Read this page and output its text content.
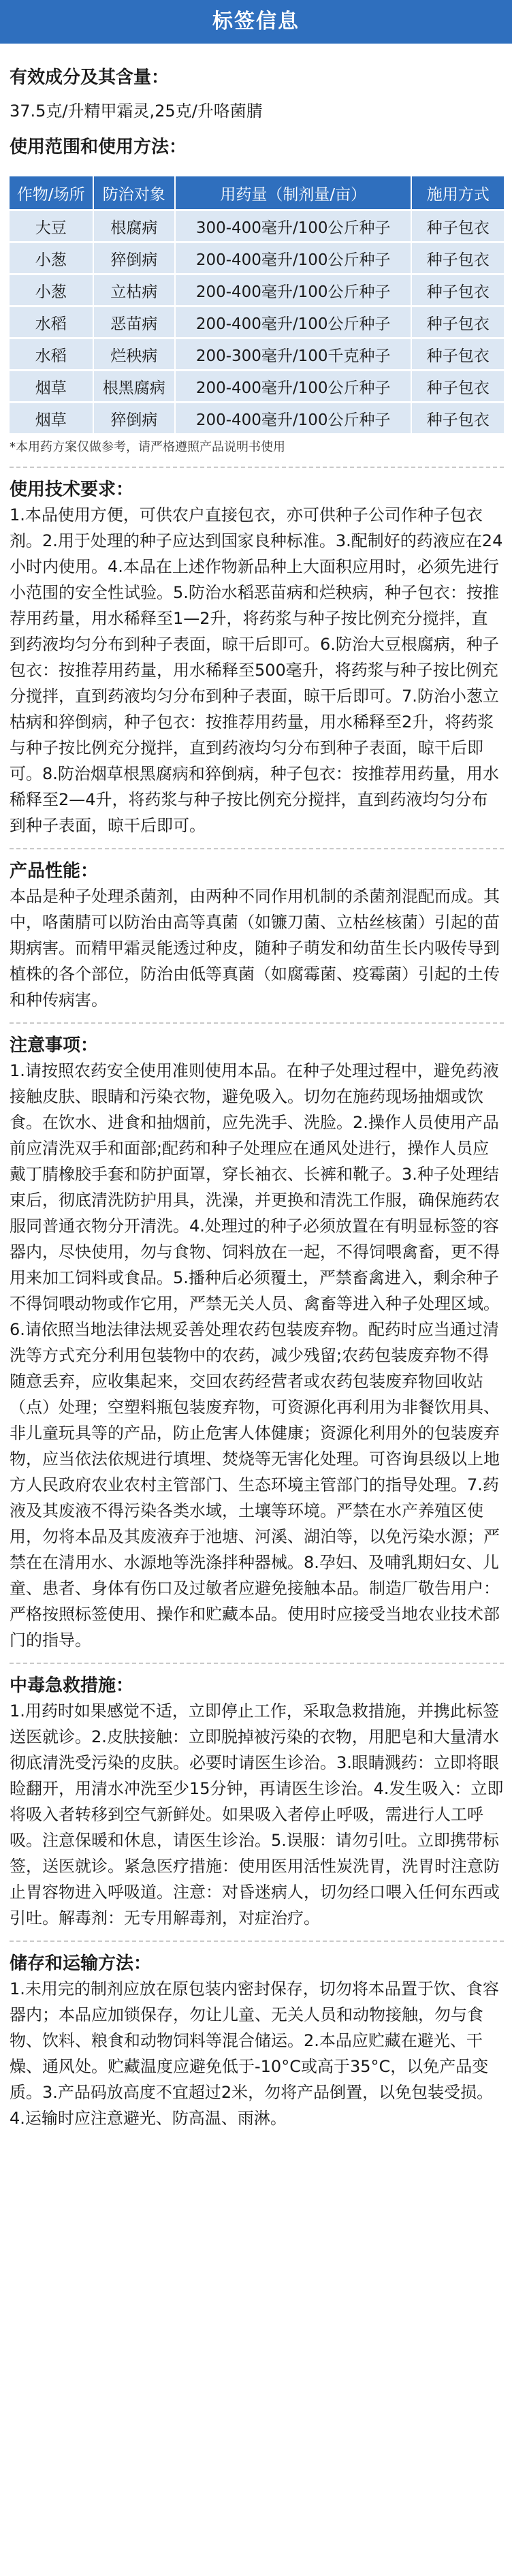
标签信息
有效成分及其含量：

37.5克/升精甲霜灵,25克/升咯菌腈

使用范围和使用方法：
作物/场所	防治对象	用药量（制剂量/亩）	施用方式
大豆	根腐病	300-400毫升/100公斤种子	种子包衣
小葱	猝倒病	200-400毫升/100公斤种子	种子包衣
小葱	立枯病	200-400毫升/100公斤种子	种子包衣
水稻	恶苗病	200-400毫升/100公斤种子	种子包衣
水稻	烂秧病	200-300毫升/100千克种子	种子包衣
烟草	根黑腐病	200-400毫升/100公斤种子	种子包衣
烟草	猝倒病	200-400毫升/100公斤种子	种子包衣
*本用药方案仅做参考，请严格遵照产品说明书使用
使用技术要求：

1.本品使用方便，可供农户直接包衣，亦可供种子公司作种子包衣剂。2.用于处理的种子应达到国家良种标准。3.配制好的药液应在24小时内使用。4.本品在上述作物新品种上大面积应用时，必须先进行小范围的安全性试验。5.防治水稻恶苗病和烂秧病，种子包衣：按推荐用药量，用水稀释至1—2升，将药浆与种子按比例充分搅拌，直到药液均匀分布到种子表面，晾干后即可。6.防治大豆根腐病，种子包衣：按推荐用药量，用水稀释至500毫升，将药浆与种子按比例充分搅拌，直到药液均匀分布到种子表面，晾干后即可。7.防治小葱立枯病和猝倒病，种子包衣：按推荐用药量，用水稀释至2升，将药浆与种子按比例充分搅拌，直到药液均匀分布到种子表面，晾干后即可。8.防治烟草根黑腐病和猝倒病，种子包衣：按推荐用药量，用水稀释至2—4升，将药浆与种子按比例充分搅拌，直到药液均匀分布到种子表面，晾干后即可。

产品性能：

本品是种子处理杀菌剂，由两种不同作用机制的杀菌剂混配而成。其中，咯菌腈可以防治由高等真菌（如镰刀菌、立枯丝核菌）引起的苗期病害。而精甲霜灵能透过种皮，随种子萌发和幼苗生长内吸传导到植株的各个部位，防治由低等真菌（如腐霉菌、疫霉菌）引起的土传和种传病害。

注意事项：

1.请按照农药安全使用准则使用本品。在种子处理过程中，避免药液接触皮肤、眼睛和污染衣物，避免吸入。切勿在施药现场抽烟或饮食。在饮水、进食和抽烟前，应先洗手、洗脸。2.操作人员使用产品前应清洗双手和面部;配药和种子处理应在通风处进行，操作人员应戴丁腈橡胶手套和防护面罩，穿长袖衣、长裤和靴子。3.种子处理结束后，彻底清洗防护用具，洗澡，并更换和清洗工作服，确保施药农服同普通衣物分开清洗。4.处理过的种子必须放置在有明显标签的容器内，尽快使用，勿与食物、饲料放在一起，不得饲喂禽畜，更不得用来加工饲料或食品。5.播种后必须覆土，严禁畜禽进入，剩余种子不得饲喂动物或作它用，严禁无关人员、禽畜等进入种子处理区域。6.请依照当地法律法规妥善处理农药包装废弃物。配药时应当通过清洗等方式充分利用包装物中的农药，减少残留;农药包装废弃物不得随意丢弃，应收集起来，交回农药经营者或农药包装废弃物回收站（点）处理；空塑料瓶包装废弃物，可资源化再利用为非餐饮用具、非儿童玩具等的产品，防止危害人体健康；资源化利用外的包装废弃物，应当依法依规进行填埋、焚烧等无害化处理。可咨询县级以上地方人民政府农业农村主管部门、生态环境主管部门的指导处理。7.药液及其废液不得污染各类水域，土壤等环境。严禁在水产养殖区使用，勿将本品及其废液弃于池塘、河溪、湖泊等，以免污染水源；严禁在在清用水、水源地等洗涤拌种器械。8.孕妇、及哺乳期妇女、儿童、患者、身体有伤口及过敏者应避免接触本品。制造厂敬告用户：严格按照标签使用、操作和贮藏本品。使用时应接受当地农业技术部门的指导。

中毒急救措施：

1.用药时如果感觉不适，立即停止工作，采取急救措施，并携此标签送医就诊。2.皮肤接触：立即脱掉被污染的衣物，用肥皂和大量清水彻底清洗受污染的皮肤。必要时请医生诊治。3.眼睛溅药：立即将眼睑翻开，用清水冲洗至少15分钟，再请医生诊治。4.发生吸入：立即将吸入者转移到空气新鲜处。如果吸入者停止呼吸，需进行人工呼吸。注意保暖和休息，请医生诊治。5.误服：请勿引吐。立即携带标签，送医就诊。紧急医疗措施：使用医用活性炭洗胃，洗胃时注意防止胃容物进入呼吸道。注意：对昏迷病人，切勿经口喂入任何东西或引吐。解毒剂：无专用解毒剂，对症治疗。

储存和运输方法：

1.未用完的制剂应放在原包装内密封保存，切勿将本品置于饮、食容器内；本品应加锁保存，勿让儿童、无关人员和动物接触，勿与食物、饮料、粮食和动物饲料等混合储运。2.本品应贮藏在避光、干燥、通风处。贮藏温度应避免低于-10°C或高于35°C，以免产品变质。3.产品码放高度不宜超过2米，勿将产品倒置，以免包装受损。4.运输时应注意避光、防高温、雨淋。
